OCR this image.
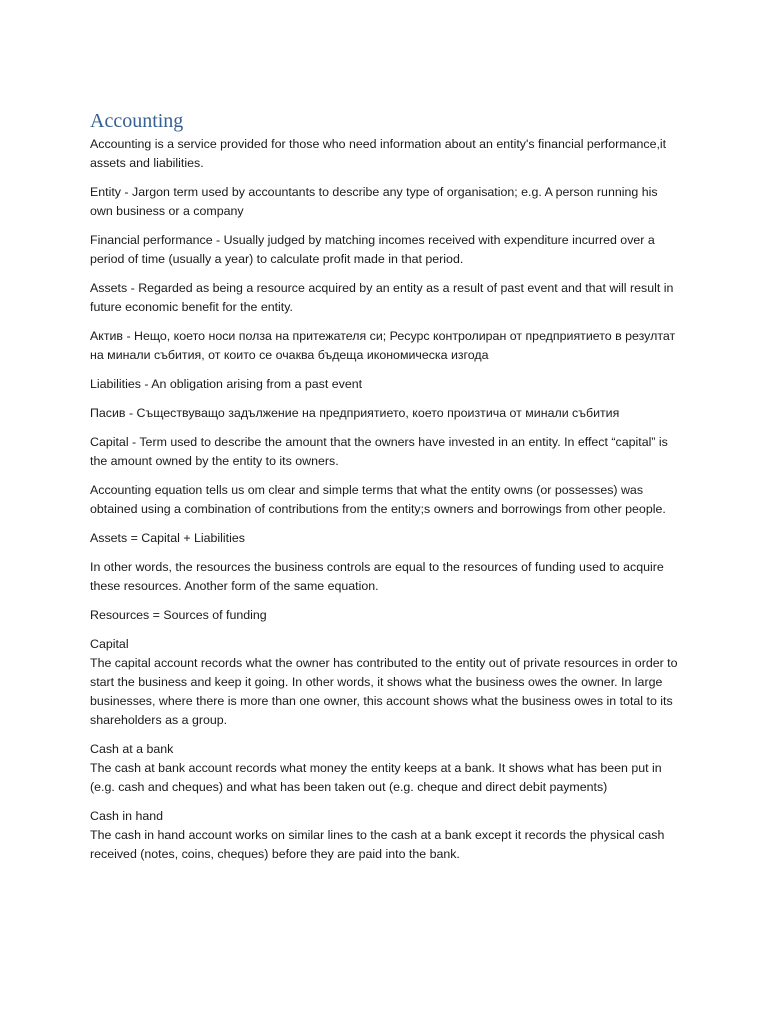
Accounting

Accounting is a service provided for those who need information about an entity's financial performance,it assets and liabilities.

Entity - Jargon term used by accountants to describe any type of organisation; e.g. A person running his own business or a company

Financial performance - Usually judged by matching incomes received with expenditure incurred over a period of time (usually a year) to calculate profit made in that period.

Assets - Regarded as being a resource acquired by an entity as a result of past event and that will result in future economic benefit for the entity.

Актив - Нещо, което носи полза на притежателя си; Ресурс контролиран от предприятието в резултат на минали събития, от които се очаква бъдеща икономическа изгода

Liabilities - An obligation arising from a past event

Пасив - Съществуващо задължение на предприятието, което произтича от минали събития

Capital - Term used to describe the amount that the owners have invested in an entity. In effect “capital” is the amount owned by the entity to its owners.

Accounting equation tells us om clear and simple terms that what the entity owns (or possesses) was obtained using a combination of contributions from the entity;s owners and borrowings from other people.

Assets = Capital + Liabilities

In other words, the resources the business controls are equal to the resources of funding used to acquire these resources. Another form of the same equation.

Resources = Sources of funding

Capital
The capital account records what the owner has contributed to the entity out of private resources in order to start the business and keep it going. In other words, it shows what the business owes the owner. In large businesses, where there is more than one owner, this account shows what the business owes in total to its shareholders as a group.

Cash at a bank
The cash at bank account records what money the entity keeps at a bank. It shows what has been put in (e.g. cash and cheques) and what has been taken out (e.g. cheque and direct debit payments)

Cash in hand
The cash in hand account works on similar lines to the cash at a bank except it records the physical cash received (notes, coins, cheques) before they are paid into the bank.
